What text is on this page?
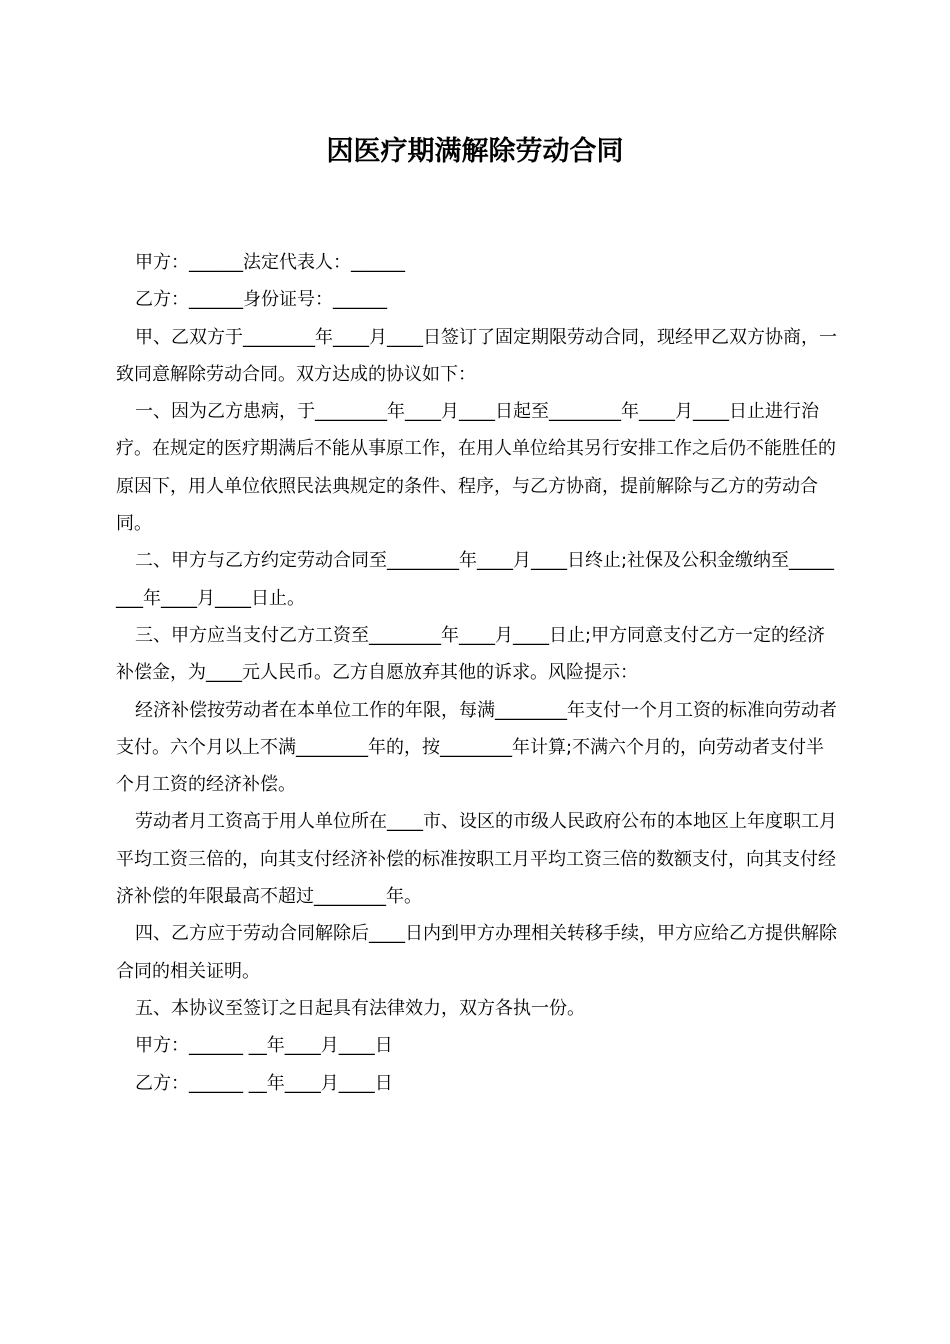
因医疗期满解除劳动合同

甲方：______法定代表人：______

乙方：______身份证号：______

甲、乙双方于________年____月____日签订了固定期限劳动合同，现经甲乙双方协商，一致同意解除劳动合同。双方达成的协议如下：

一、因为乙方患病，于________年____月____日起至________年____月____日止进行治疗。在规定的医疗期满后不能从事原工作，在用人单位给其另行安排工作之后仍不能胜任的原因下，用人单位依照民法典规定的条件、程序，与乙方协商，提前解除与乙方的劳动合同。

二、甲方与乙方约定劳动合同至________年____月____日终止;社保及公积金缴纳至________年____月____日止。

三、甲方应当支付乙方工资至________年____月____日止;甲方同意支付乙方一定的经济补偿金，为____元人民币。乙方自愿放弃其他的诉求。风险提示：

经济补偿按劳动者在本单位工作的年限，每满________年支付一个月工资的标准向劳动者支付。六个月以上不满________年的，按________年计算;不满六个月的，向劳动者支付半个月工资的经济补偿。

劳动者月工资高于用人单位所在____市、设区的市级人民政府公布的本地区上年度职工月平均工资三倍的，向其支付经济补偿的标准按职工月平均工资三倍的数额支付，向其支付经济补偿的年限最高不超过________年。

四、乙方应于劳动合同解除后____日内到甲方办理相关转移手续，甲方应给乙方提供解除合同的相关证明。

五、本协议至签订之日起具有法律效力，双方各执一份。

甲方：______ __年____月____日

乙方：______ __年____月____日
